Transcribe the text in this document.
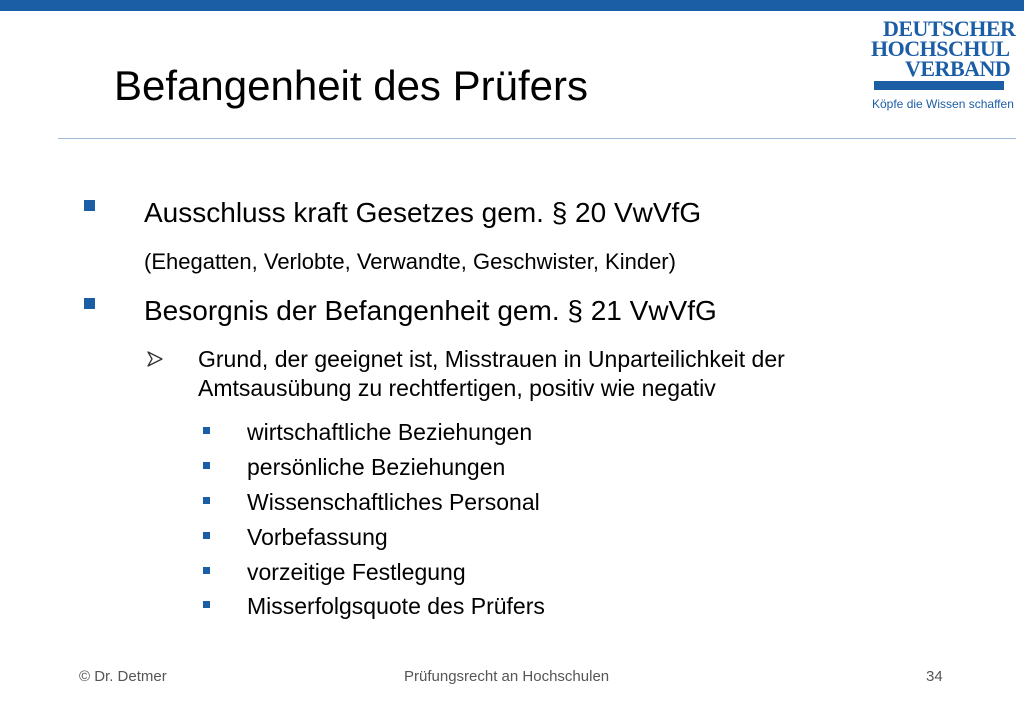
Befangenheit des Prüfers
DEUTSCHER
HOCHSCHUL
VERBAND
Köpfe die Wissen schaffen
Ausschluss kraft Gesetzes gem. § 20 VwVfG
(Ehegatten, Verlobte, Verwandte, Geschwister, Kinder)
Besorgnis der Befangenheit gem. § 21 VwVfG
Grund, der geeignet ist, Misstrauen in Unparteilichkeit der
Amtsausübung zu rechtfertigen, positiv wie negativ
wirtschaftliche Beziehungen
persönliche Beziehungen
Wissenschaftliches Personal
Vorbefassung
vorzeitige Festlegung
Misserfolgsquote des Prüfers
© Dr. Detmer	Prüfungsrecht an Hochschulen	34
